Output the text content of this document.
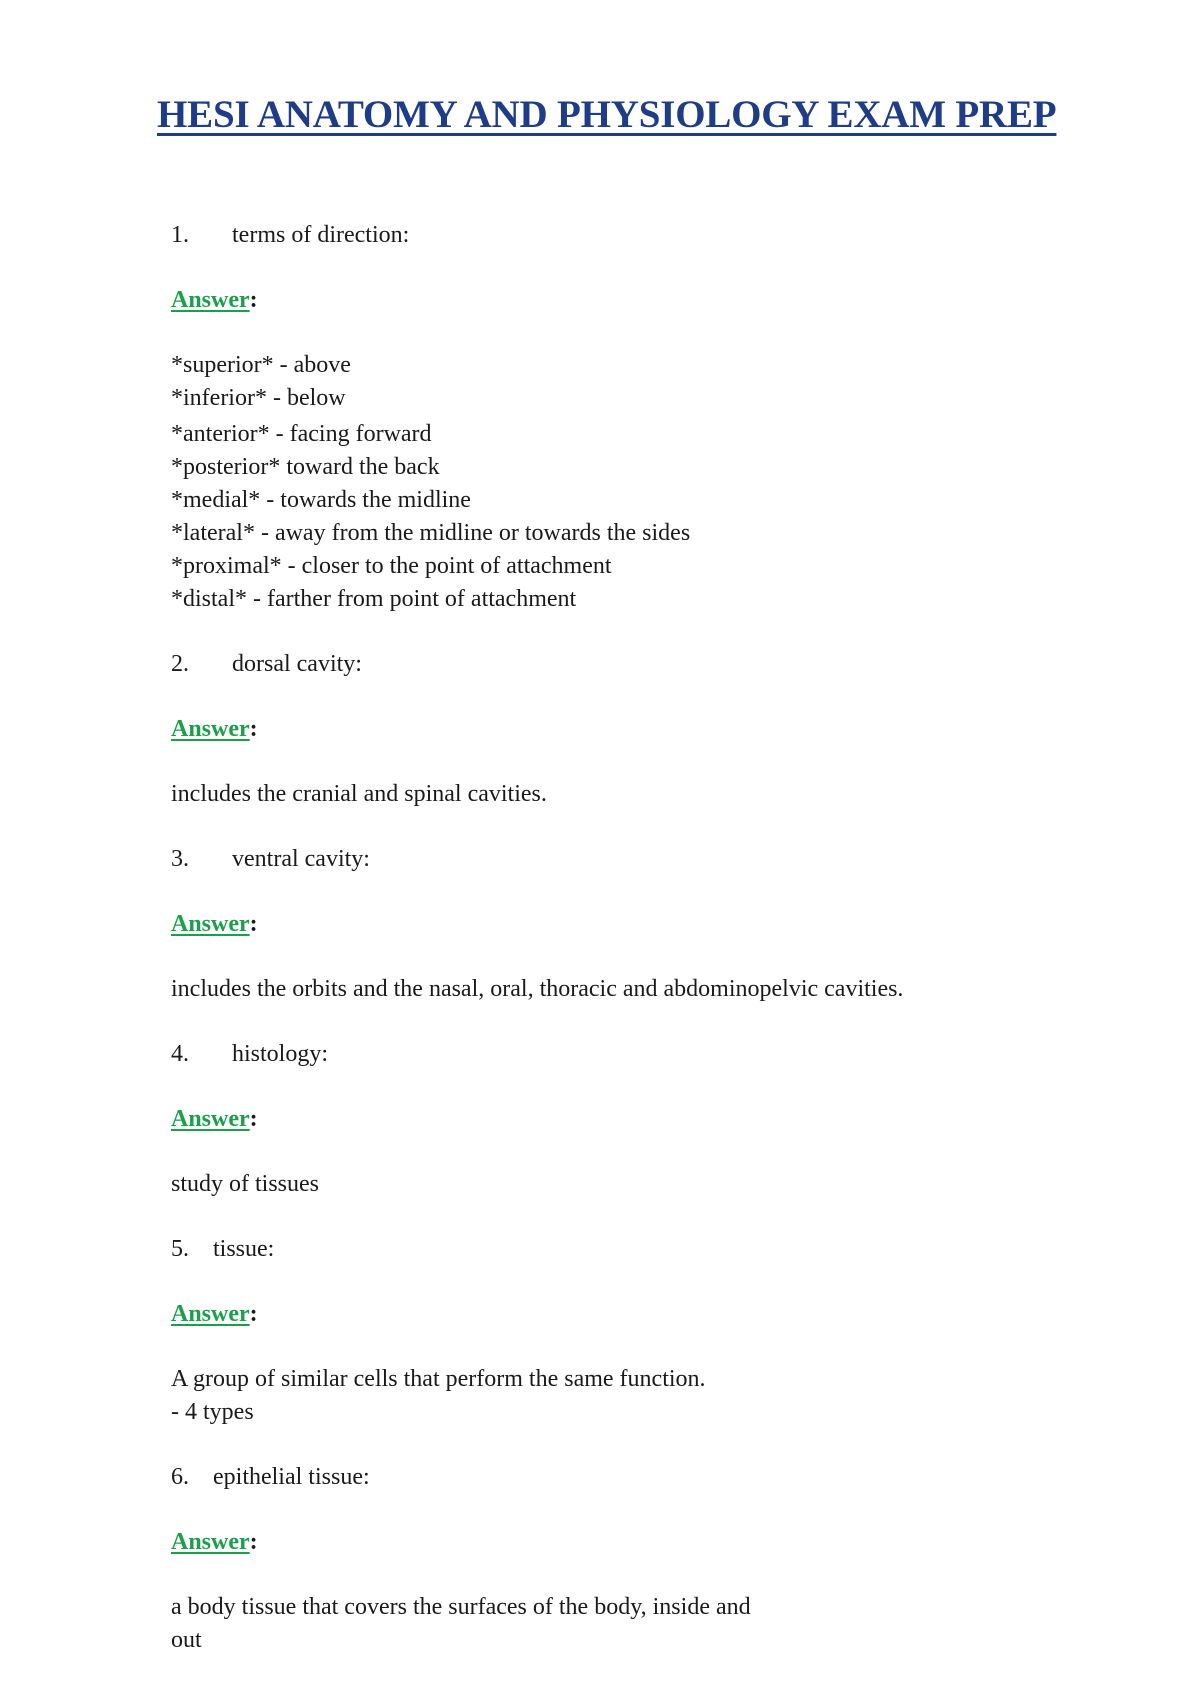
HESI ANATOMY AND PHYSIOLOGY EXAM PREP
1.	terms of direction:
Answer:
*superior* - above
*inferior* - below
*anterior* - facing forward
*posterior* toward the back
*medial* - towards the midline
*lateral* - away from the midline or towards the sides
*proximal* - closer to the point of attachment
*distal* - farther from point of attachment
2.	dorsal cavity:
Answer:
includes the cranial and spinal cavities.
3.	ventral cavity:
Answer:
includes the orbits and the nasal, oral, thoracic and abdominopelvic cavities.
4.	histology:
Answer:
study of tissues
5.	tissue:
Answer:
A group of similar cells that perform the same function.
- 4 types
6.	epithelial tissue:
Answer:
a body tissue that covers the surfaces of the body, inside and
out
